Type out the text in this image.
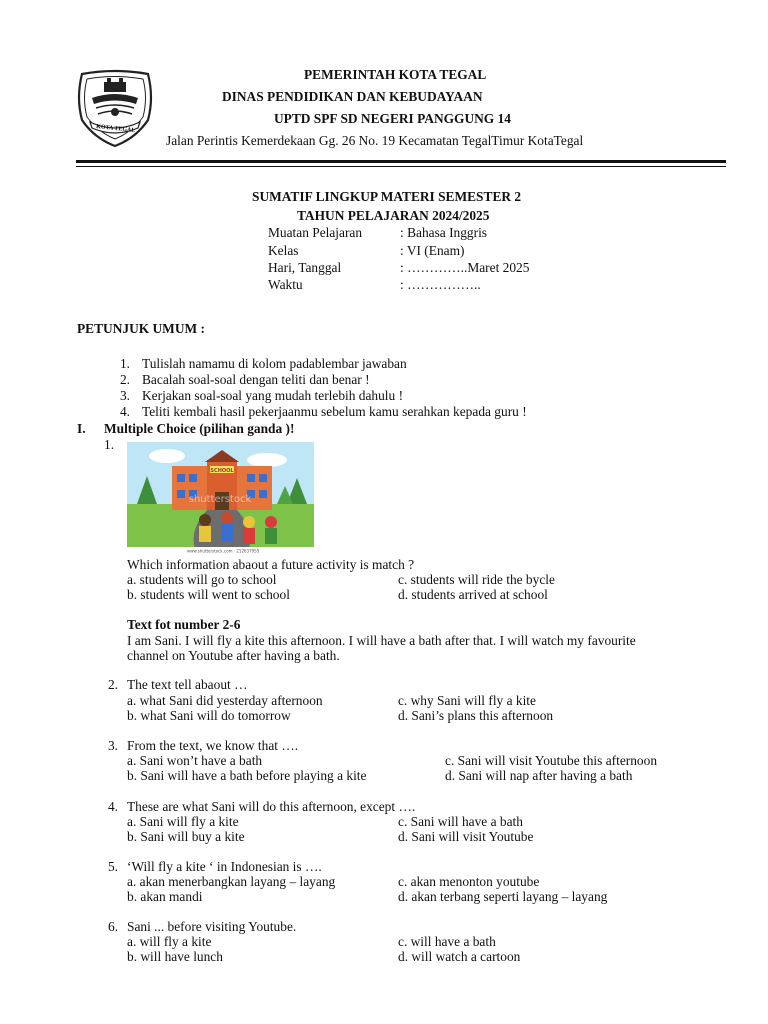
KOTA TEGAL
PEMERINTAH KOTA TEGAL
DINAS PENDIDIKAN DAN KEBUDAYAAN
UPTD SPF SD NEGERI PANGGUNG 14
Jalan Perintis Kemerdekaan Gg. 26 No. 19 Kecamatan TegalTimur KotaTegal
SUMATIF LINGKUP MATERI SEMESTER 2
TAHUN PELAJARAN 2024/2025
Muatan Pelajaran	: Bahasa Inggris
Kelas	: VI (Enam)
Hari, Tanggal	: …………..Maret 2025
Waktu	: ……………..
PETUNJUK UMUM :
1. Tulislah namamu di kolom padablembar jawaban
2. Bacalah soal-soal dengan teliti dan benar !
3. Kerjakan soal-soal yang mudah terlebih dahulu !
4. Teliti kembali hasil pekerjaanmu sebelum kamu serahkan kepada guru !
I. Multiple Choice (pilihan ganda )!
1.
SCHOOL
shutterstock
www.shutterstock.com · 212637955
Which information abaout a future activity is match ?
a. students will go to school	c. students will ride the bycle
b. students will went to school	d. students arrived at school
Text fot number 2-6
I am Sani. I will fly a kite this afternoon. I will have a bath after that. I will watch my favourite
channel on Youtube after having a bath.
2. The text tell abaout …
a. what Sani did yesterday afternoon	c. why Sani will fly a kite
b. what Sani will do tomorrow	d. Sani’s plans this afternoon
3. From the text, we know that ….
a. Sani won’t have a bath	c. Sani will visit Youtube this afternoon
b. Sani will have a bath before playing a kite	d. Sani will nap after having a bath
4. These are what Sani will do this afternoon, except ….
a. Sani will fly a kite	c. Sani will have a bath
b. Sani will buy a kite	d. Sani will visit Youtube
5. ‘Will fly a kite ‘ in Indonesian is ….
a. akan menerbangkan layang – layang	c. akan menonton youtube
b. akan mandi	d. akan terbang seperti layang – layang
6. Sani ... before visiting Youtube.
a. will fly a kite	c. will have a bath
b. will have lunch	d. will watch a cartoon
